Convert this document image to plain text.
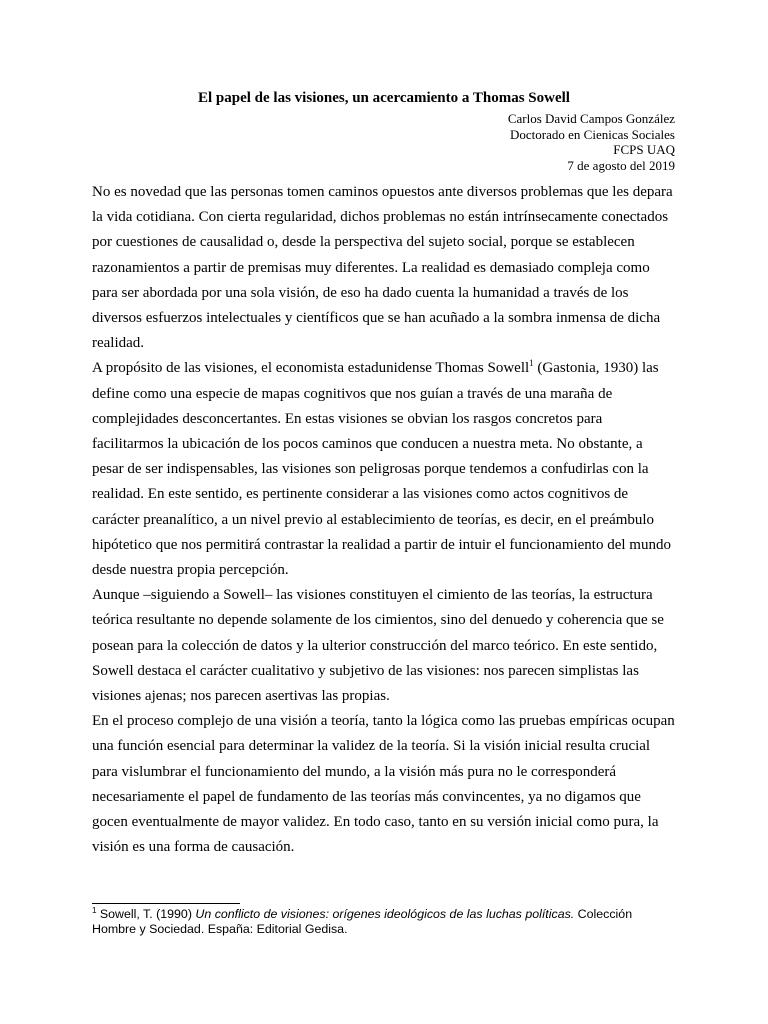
El papel de las visiones, un acercamiento a Thomas Sowell
Carlos David Campos González
Doctorado en Cienicas Sociales
FCPS UAQ
7 de agosto del 2019

No es novedad que las personas tomen caminos opuestos ante diversos problemas que les depara la vida cotidiana. Con cierta regularidad, dichos problemas no están intrínsecamente conectados por cuestiones de causalidad o, desde la perspectiva del sujeto social, porque se establecen razonamientos a partir de premisas muy diferentes. La realidad es demasiado compleja como para ser abordada por una sola visión, de eso ha dado cuenta la humanidad a través de los diversos esfuerzos intelectuales y científicos que se han acuñado a la sombra inmensa de dicha realidad.

A propósito de las visiones, el economista estadunidense Thomas Sowell$^1$ (Gastonia, 1930) las define como una especie de mapas cognitivos que nos guían a través de una maraña de complejidades desconcertantes. En estas visiones se obvian los rasgos concretos para facilitarmos la ubicación de los pocos caminos que conducen a nuestra meta. No obstante, a pesar de ser indispensables, las visiones son peligrosas porque tendemos a confudirlas con la realidad. En este sentido, es pertinente considerar a las visiones como actos cognitivos de carácter preanalítico, a un nivel previo al establecimiento de teorías, es decir, en el preámbulo hipótetico que nos permitirá contrastar la realidad a partir de intuir el funcionamiento del mundo desde nuestra propia percepción.

Aunque –siguiendo a Sowell– las visiones constituyen el cimiento de las teorías, la estructura teórica resultante no depende solamente de los cimientos, sino del denuedo y coherencia que se posean para la colección de datos y la ulterior construcción del marco teórico. En este sentido, Sowell destaca el carácter cualitativo y subjetivo de las visiones: nos parecen simplistas las visiones ajenas; nos parecen asertivas las propias.

En el proceso complejo de una visión a teoría, tanto la lógica como las pruebas empíricas ocupan una función esencial para determinar la validez de la teoría. Si la visión inicial resulta crucial para vislumbrar el funcionamiento del mundo, a la visión más pura no le corresponderá necesariamente el papel de fundamento de las teorías más convincentes, ya no digamos que gocen eventualmente de mayor validez. En todo caso, tanto en su versión inicial como pura, la visión es una forma de causación.

$^1$ Sowell, T. (1990) Un conflicto de visiones: orígenes ideológicos de las luchas políticas. Colección Hombre y Sociedad. España: Editorial Gedisa.
